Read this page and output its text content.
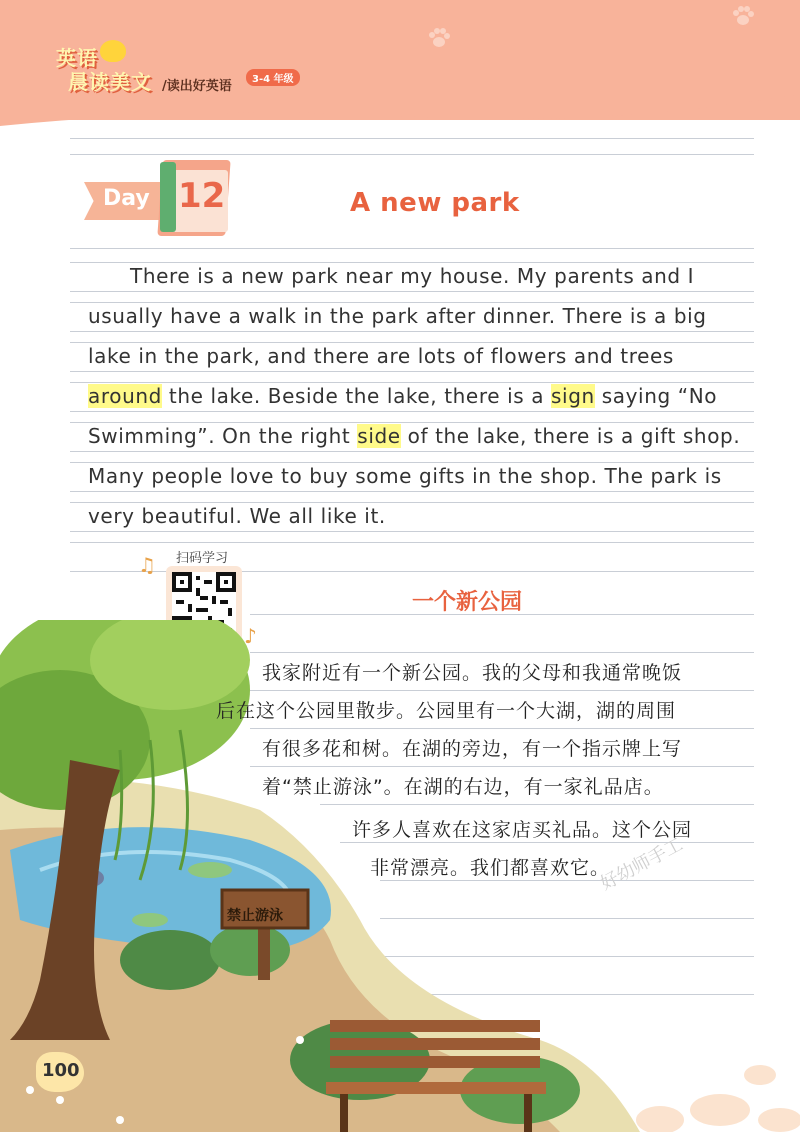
英语
晨读美文 /读出好英语	3-4 年级
Day 12	A new park
There is a new park near my house. My parents and I
usually have a walk in the park after dinner. There is a big
lake in the park, and there are lots of flowers and trees
around the lake. Beside the lake, there is a sign saying “No
Swimming”. On the right side of the lake, there is a gift shop.
Many people love to buy some gifts in the shop. The park is
very beautiful. We all like it.
♫ 扫码学习
♪
禁止游泳
一个新公园
我家附近有一个新公园。我的父母和我通常晚饭
后在这个公园里散步。公园里有一个大湖，湖的周围
有很多花和树。在湖的旁边，有一个指示牌上写
着“禁止游泳”。在湖的右边，有一家礼品店。
许多人喜欢在这家店买礼品。这个公园
非常漂亮。我们都喜欢它。
好幼师手工
100
